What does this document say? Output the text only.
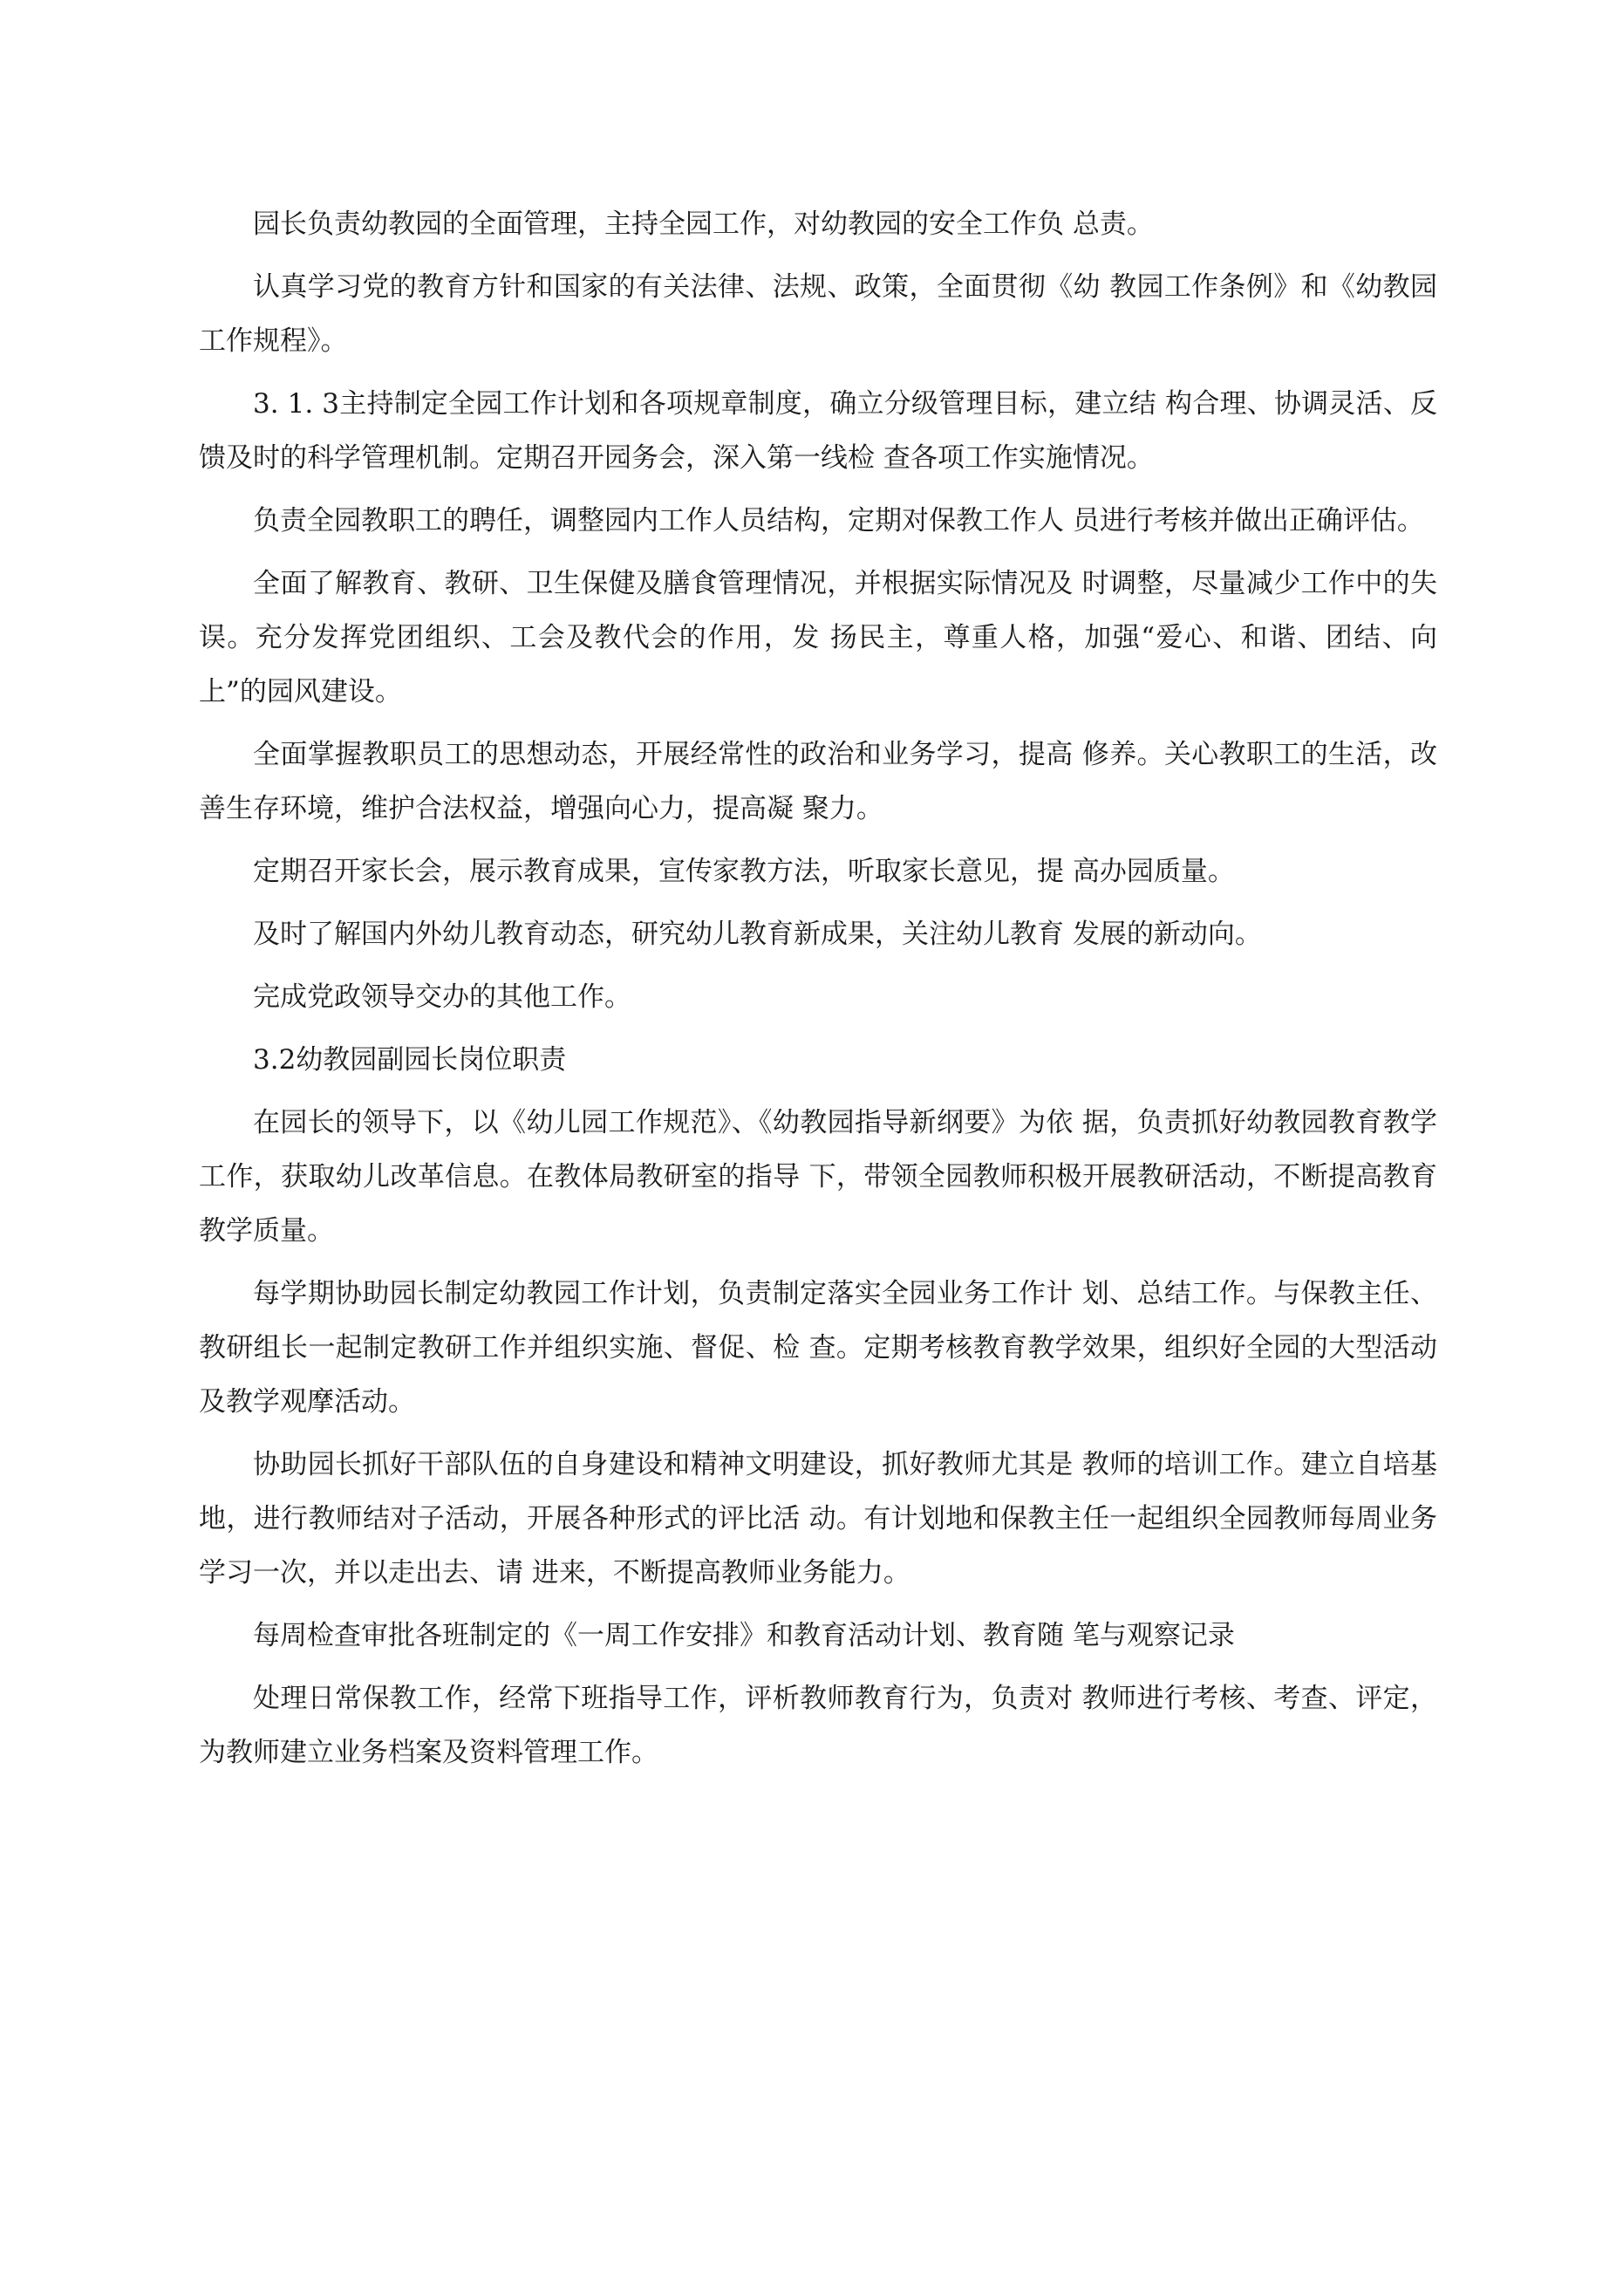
园长负责幼教园的全面管理，主持全园工作，对幼教园的安全工作负 总责。

认真学习党的教育方针和国家的有关法律、法规、政策，全面贯彻《幼 教园工作条例》和《幼教园工作规程》。

3. 1. 3主持制定全园工作计划和各项规章制度，确立分级管理目标，建立结 构合理、协调灵活、反馈及时的科学管理机制。定期召开园务会，深入第一线检 查各项工作实施情况。

负责全园教职工的聘任，调整园内工作人员结构，定期对保教工作人 员进行考核并做出正确评估。

全面了解教育、教研、卫生保健及膳食管理情况，并根据实际情况及 时调整，尽量减少工作中的失误。充分发挥党团组织、工会及教代会的作用，发 扬民主，尊重人格，加强“爱心、和谐、团结、向上”的园风建设。

全面掌握教职员工的思想动态，开展经常性的政治和业务学习，提高 修养。关心教职工的生活，改善生存环境，维护合法权益，增强向心力，提高凝 聚力。

定期召开家长会，展示教育成果，宣传家教方法，听取家长意见，提 高办园质量。

及时了解国内外幼儿教育动态，研究幼儿教育新成果，关注幼儿教育 发展的新动向。

完成党政领导交办的其他工作。

3.2幼教园副园长岗位职责

在园长的领导下，以《幼儿园工作规范》、《幼教园指导新纲要》为依 据，负责抓好幼教园教育教学工作，获取幼儿改革信息。在教体局教研室的指导 下，带领全园教师积极开展教研活动，不断提高教育教学质量。

每学期协助园长制定幼教园工作计划，负责制定落实全园业务工作计 划、总结工作。与保教主任、教研组长一起制定教研工作并组织实施、督促、检 查。定期考核教育教学效果，组织好全园的大型活动及教学观摩活动。

协助园长抓好干部队伍的自身建设和精神文明建设，抓好教师尤其是 教师的培训工作。建立自培基地，进行教师结对子活动，开展各种形式的评比活 动。有计划地和保教主任一起组织全园教师每周业务学习一次，并以走出去、请 进来，不断提高教师业务能力。

每周检查审批各班制定的《一周工作安排》和教育活动计划、教育随 笔与观察记录

处理日常保教工作，经常下班指导工作，评析教师教育行为，负责对 教师进行考核、考查、评定，为教师建立业务档案及资料管理工作。
